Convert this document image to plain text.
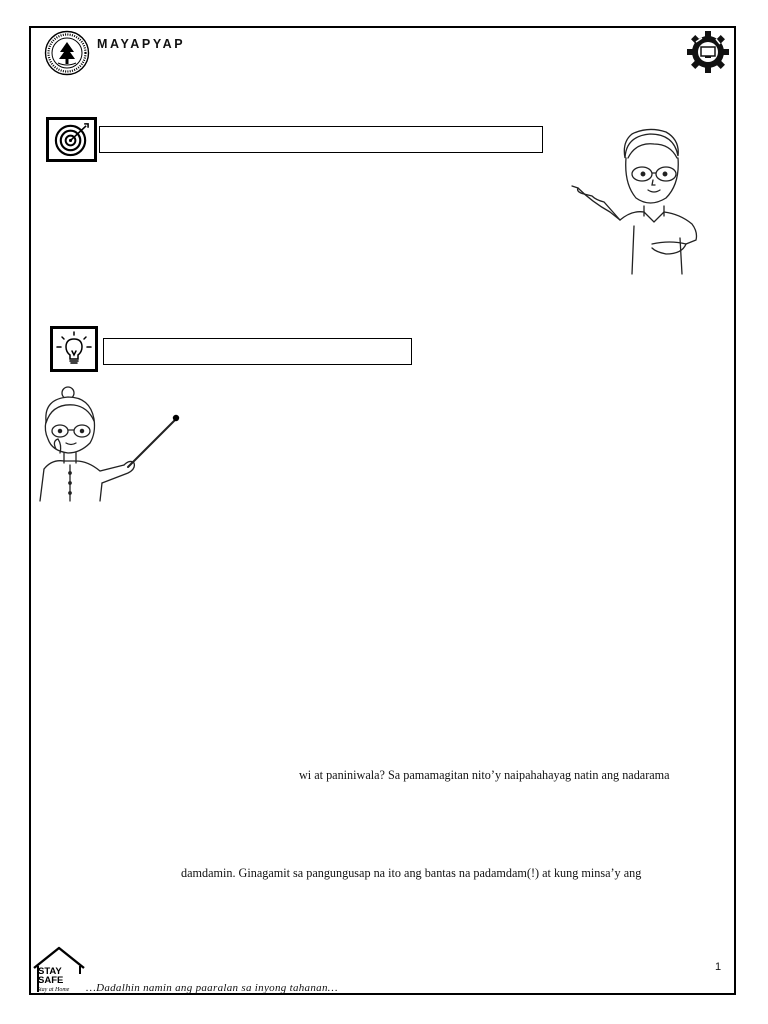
MAYAPYAP
wi at paniniwala? Sa pamamagitan nito’y naipahahayag natin ang nadarama
damdamin. Ginagamit sa pangungusap na ito ang bantas na padamdam(!) at kung minsa’y ang
1
STAY
SAFE
Stay at Home …Dadalhin namin ang paaralan sa inyong tahanan…
